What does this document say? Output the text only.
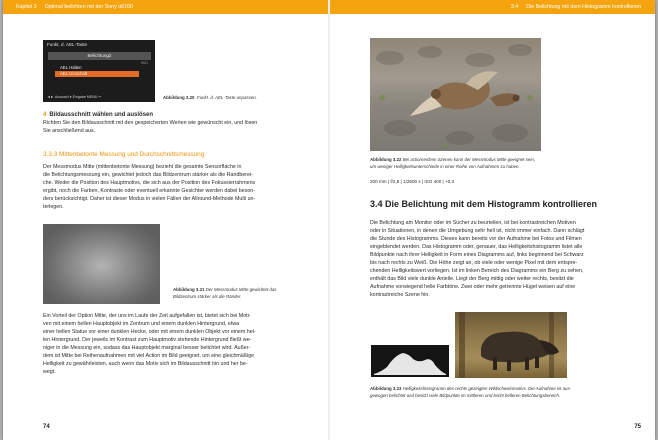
Kapitel 3 Optimal belichten mit der Sony α6100
Funkt. d. AEL-Taste
Belichtung2
9/21
AEL Halten
AEL Umschalt
◄► Auswahl ● Eingabe MENU ↩	Abbildung 3.20 Funkt. d. AEL-Taste anpassen.
4 Bildausschnitt wählen und auslösen
Richten Sie den Bildausschnitt mit den gespeicherten Werten wie gewünscht ein, und lösen
Sie anschließend aus.
3.3.3 Mittenbetonte Messung und Durchschnittsmessung
Der Messmodus Mitte (mittenbetonte Messung) bezieht die gesamte Sensorfläche in
die Belichtungsmessung ein, gewichtet jedoch das Bildzentrum stärker als die Randberei-
che. Weder die Position des Hauptmotivs, die sich aus der Position des Fokussierrahmens
ergibt, noch die Farben, Kontraste oder eventuell erkannte Gesichter werden dabei beson-
ders berücksichtigt. Daher ist dieser Modus in vielen Fällen der Allround-Methode Multi un-
terlegen.
Abbildung 3.21 Der Messmodus Mitte gewichtet das
Bildzentrum stärker als die Ränder.
Ein Vorteil der Option Mitte, der uns im Laufe der Zeit aufgefallen ist, bietet sich bei Moti-
ven mit einem hellen Hauptobjekt im Zentrum und einem dunklen Hintergrund, etwa
einer hellen Statue vor einer dunklen Hecke, oder mit einem dunklen Objekt vor einem hel-
len Hintergrund. Der jeweils im Kontrast zum Hauptmotiv stehende Hintergrund fließt we-
niger in die Messung ein, sodass das Hauptobjekt marginal besser belichtet wird. Außer-
dem ist Mitte bei Reihenaufnahmen mit viel Action im Bild geeignet, um eine gleichmäßige
Helligkeit zu gewährleisten, auch wenn das Motiv sich im Bildausschnitt hin und her be-
wegt.
74
3.4 Die Belichtung mit dem Histogramm kontrollieren
Abbildung 3.22 Bei actionreichen Szenen kann der Messmodus Mitte geeignet sein,
um weniger Helligkeitsunterschiede in einer Reihe von Aufnahmen zu haben.
200 mm | f/2,8 | 1/2500 s | ISO 400 | +0,3
3.4 Die Belichtung mit dem Histogramm kontrollieren
Die Belichtung am Monitor oder im Sucher zu beurteilen, ist bei kontrastreichen Motiven
oder in Situationen, in denen die Umgebung sehr hell ist, nicht immer einfach. Dann schlägt
die Stunde des Histogramms. Dieses kann bereits vor der Aufnahme bei Fotos und Filmen
eingeblendet werden. Das Histogramm oder, genauer, das Helligkeitshistogramm listet alle
Bildpunkte nach ihrer Helligkeit in Form eines Diagramms auf, links beginnend bei Schwarz
bis nach rechts zu Weiß. Die Höhe zeigt an, ob viele oder wenige Pixel mit dem entspre-
chenden Helligkeitswert vorliegen. Ist im linken Bereich des Diagramms ein Berg zu sehen,
enthält das Bild viele dunkle Anteile. Liegt der Berg mittig oder weiter rechts, besitzt die
Aufnahme vorwiegend helle Farbtöne. Zwei oder mehr getrennte Hügel weisen auf eine
kontrastreiche Szene hin.
Abbildung 3.23 Helligkeitshistogramm des rechts gezeigten Wildschweinmotivs. Die Aufnahme ist aus-
gewogen belichtet und besitzt viele Bildpunkte im mittleren und leicht helleren Belichtungsbereich.
75
